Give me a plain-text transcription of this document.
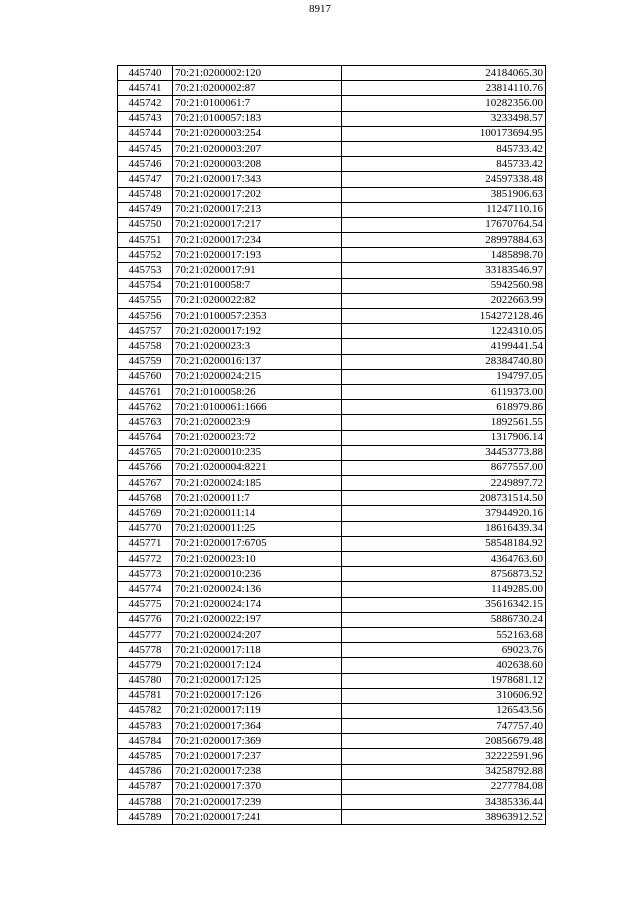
8917
445740	70:21:0200002:120	24184065.30
445741	70:21:0200002:87	23814110.76
445742	70:21:0100061:7	10282356.00
445743	70:21:0100057:183	3233498.57
445744	70:21:0200003:254	100173694.95
445745	70:21:0200003:207	845733.42
445746	70:21:0200003:208	845733.42
445747	70:21:0200017:343	24597338.48
445748	70:21:0200017:202	3851906.63
445749	70:21:0200017:213	11247110.16
445750	70:21:0200017:217	17670764.54
445751	70:21:0200017:234	28997884.63
445752	70:21:0200017:193	1485898.70
445753	70:21:0200017:91	33183546.97
445754	70:21:0100058:7	5942560.98
445755	70:21:0200022:82	2022663.99
445756	70:21:0100057:2353	154272128.46
445757	70:21:0200017:192	1224310.05
445758	70:21:0200023:3	4199441.54
445759	70:21:0200016:137	28384740.80
445760	70:21:0200024:215	194797.05
445761	70:21:0100058:26	6119373.00
445762	70:21:0100061:1666	618979.86
445763	70:21:0200023:9	1892561.55
445764	70:21:0200023:72	1317906.14
445765	70:21:0200010:235	34453773.88
445766	70:21:0200004:8221	8677557.00
445767	70:21:0200024:185	2249897.72
445768	70:21:0200011:7	208731514.50
445769	70:21:0200011:14	37944920.16
445770	70:21:0200011:25	18616439.34
445771	70:21:0200017:6705	58548184.92
445772	70:21:0200023:10	4364763.60
445773	70:21:0200010:236	8756873.52
445774	70:21:0200024:136	1149285.00
445775	70:21:0200024:174	35616342.15
445776	70:21:0200022:197	5886730.24
445777	70:21:0200024:207	552163.68
445778	70:21:0200017:118	69023.76
445779	70:21:0200017:124	402638.60
445780	70:21:0200017:125	1978681.12
445781	70:21:0200017:126	310606.92
445782	70:21:0200017:119	126543.56
445783	70:21:0200017:364	747757.40
445784	70:21:0200017:369	20856679.48
445785	70:21:0200017:237	32222591.96
445786	70:21:0200017:238	34258792.88
445787	70:21:0200017:370	2277784.08
445788	70:21:0200017:239	34385336.44
445789	70:21:0200017:241	38963912.52
